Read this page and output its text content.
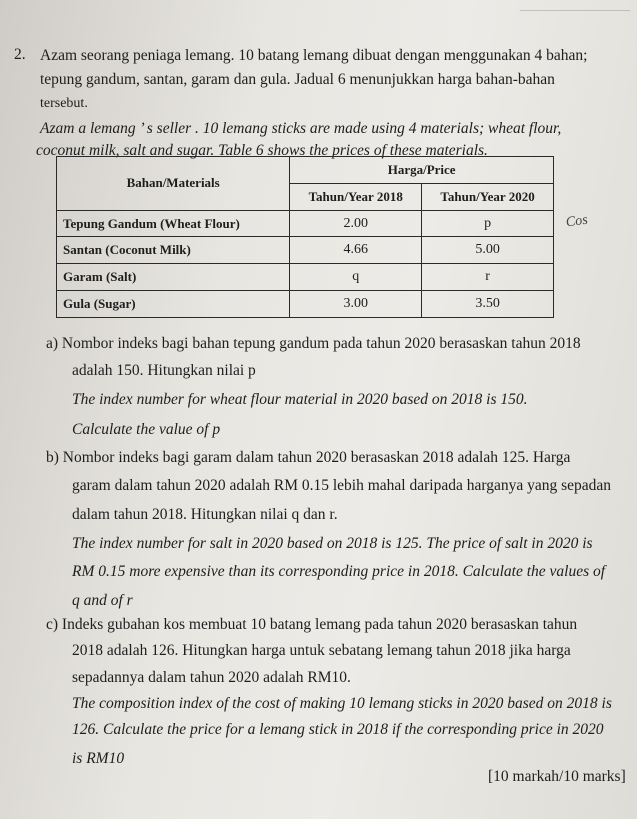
2. Azam seorang peniaga lemang. 10 batang lemang dibuat dengan menggunakan 4 bahan;
tepung gandum, santan, garam dan gula. Jadual 6 menunjukkan harga bahan-bahan
tersebut.
Azam a lemang ’ s seller . 10 lemang sticks are made using 4 materials; wheat flour,
coconut milk, salt and sugar. Table 6 shows the prices of these materials.
Bahan/Materials	Harga/Price	
	Tahun/Year 2018	Tahun/Year 2020
Tepung Gandum (Wheat Flour)	2.00	p
Santan (Coconut Milk)	4.66	5.00
Garam (Salt)	q	r
Gula (Sugar)	3.00	3.50
Cos
a) Nombor indeks bagi bahan tepung gandum pada tahun 2020 berasaskan tahun 2018
adalah 150. Hitungkan nilai p
The index number for wheat flour material in 2020 based on 2018 is 150.
Calculate the value of p
b) Nombor indeks bagi garam dalam tahun 2020 berasaskan 2018 adalah 125. Harga
garam dalam tahun 2020 adalah RM 0.15 lebih mahal daripada harganya yang sepadan
dalam tahun 2018. Hitungkan nilai q dan r.
The index number for salt in 2020 based on 2018 is 125. The price of salt in 2020 is
RM 0.15 more expensive than its corresponding price in 2018. Calculate the values of
q and of r
c) Indeks gubahan kos membuat 10 batang lemang pada tahun 2020 berasaskan tahun
2018 adalah 126. Hitungkan harga untuk sebatang lemang tahun 2018 jika harga
sepadannya dalam tahun 2020 adalah RM10.
The composition index of the cost of making 10 lemang sticks in 2020 based on 2018 is
126. Calculate the price for a lemang stick in 2018 if the corresponding price in 2020
is RM10
[10 markah/10 marks]
